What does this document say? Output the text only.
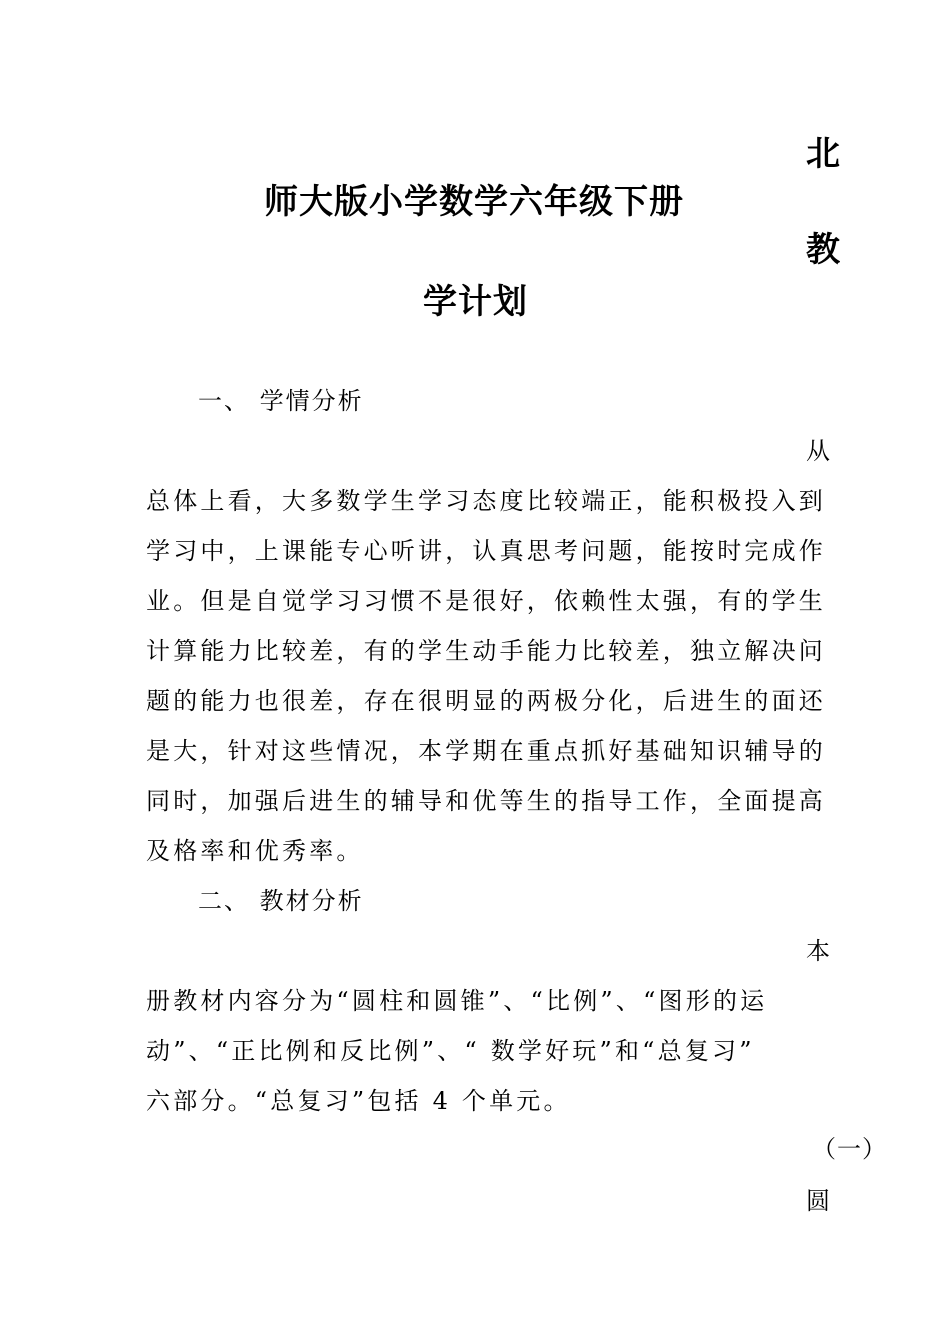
北
师大版小学数学六年级下册
教
学计划
一、 学情分析
从
总体上看，大多数学生学习态度比较端正，能积极投入到
学习中，上课能专心听讲，认真思考问题，能按时完成作
业。但是自觉学习习惯不是很好，依赖性太强，有的学生
计算能力比较差，有的学生动手能力比较差，独立解决问
题的能力也很差，存在很明显的两极分化，后进生的面还
是大，针对这些情况，本学期在重点抓好基础知识辅导的
同时，加强后进生的辅导和优等生的指导工作，全面提高
及格率和优秀率。
二、 教材分析
本
册教材内容分为“圆柱和圆锥”、“比例”、“图形的运
动”、“正比例和反比例”、“ 数学好玩”和“总复习”
六部分。“总复习”包括 4 个单元。
（一）
圆
